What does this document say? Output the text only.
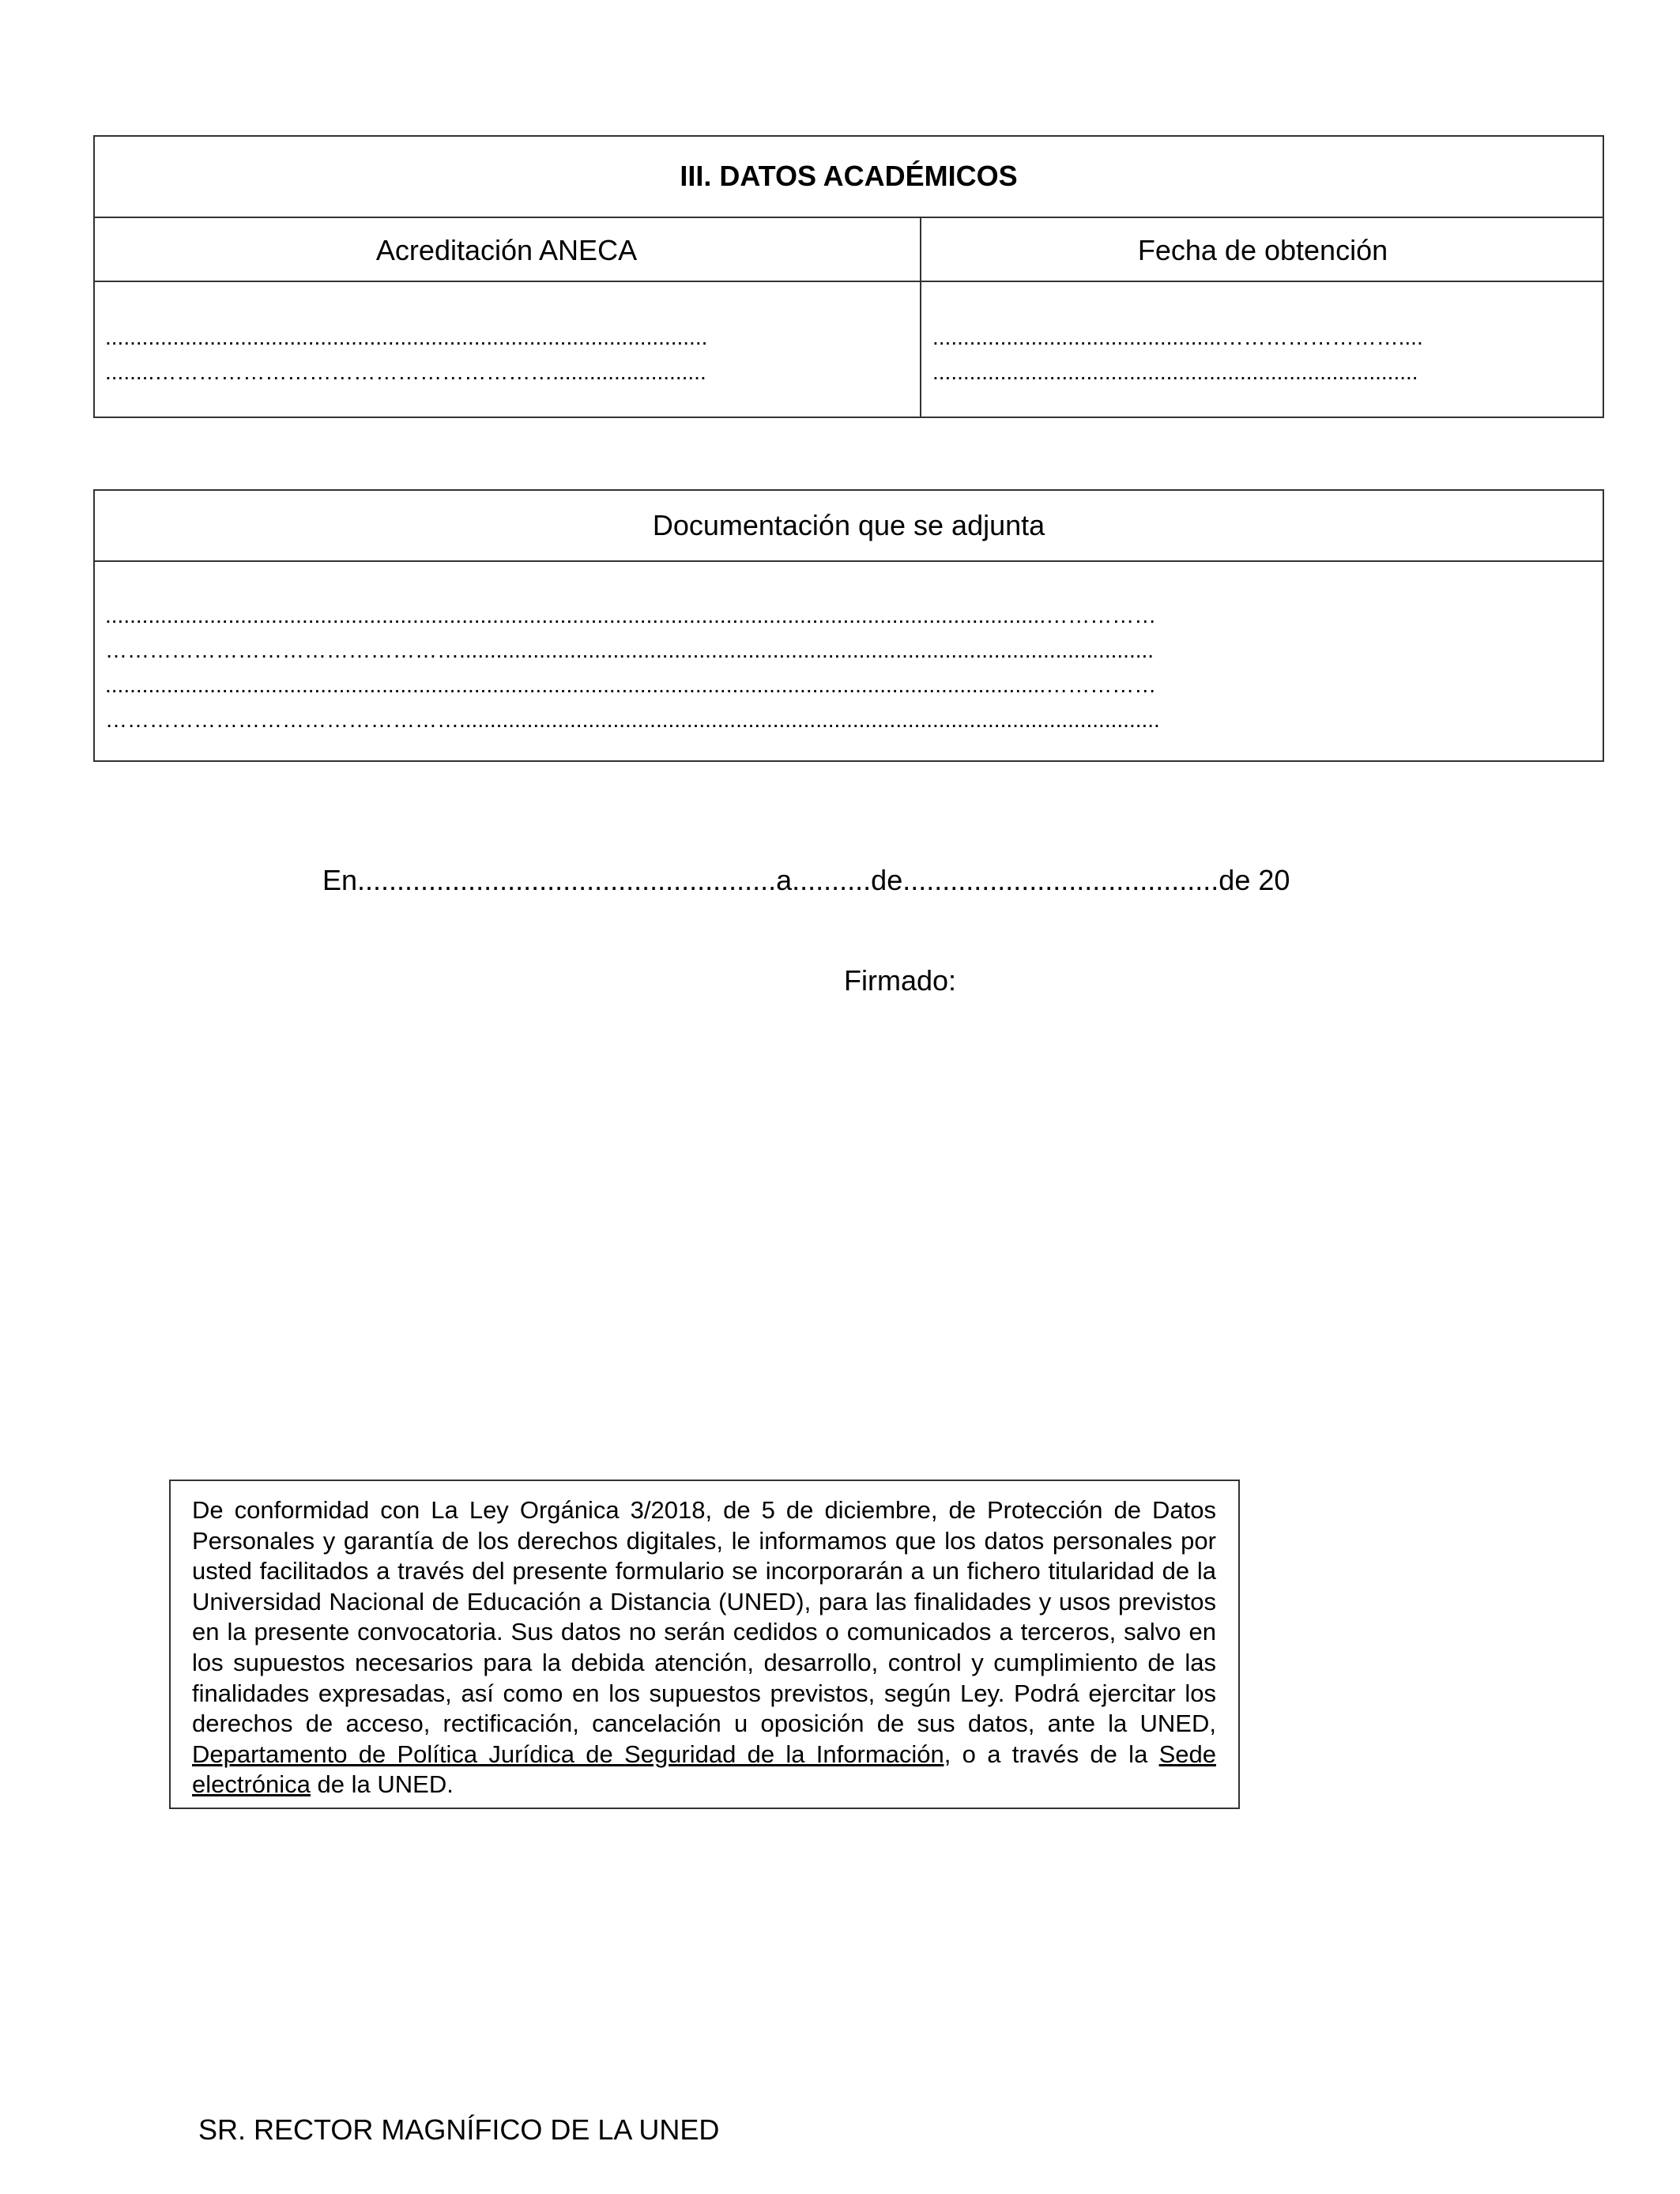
III. DATOS ACADÉMICOS
Acreditación ANECA	Fecha de obtención
..................................................................................................
........……………………………………………….........................
...............................................……………………....
...............................................................................
Documentación que se adjunta
.........................................................................................................................................................……………
………………………………………….................................................................................................................
.........................................................................................................................................................……………
…………………………………………..................................................................................................................
En.....................................................a..........de........................................de 20
Firmado:
De conformidad con La Ley Orgánica 3/2018, de 5 de diciembre, de Protección de Datos Personales y garantía de los derechos digitales, le informamos que los datos personales por usted facilitados a través del presente formulario se incorporarán a un fichero titularidad de la Universidad Nacional de Educación a Distancia (UNED), para las finalidades y usos previstos en la presente convocatoria. Sus datos no serán cedidos o comunicados a terceros, salvo en los supuestos necesarios para la debida atención, desarrollo, control y cumplimiento de las finalidades expresadas, así como en los supuestos previstos, según Ley. Podrá ejercitar los derechos de acceso, rectificación, cancelación u oposición de sus datos, ante la UNED, Departamento de Política Jurídica de Seguridad de la Información, o a través de la Sede electrónica de la UNED.
SR. RECTOR MAGNÍFICO DE LA UNED
